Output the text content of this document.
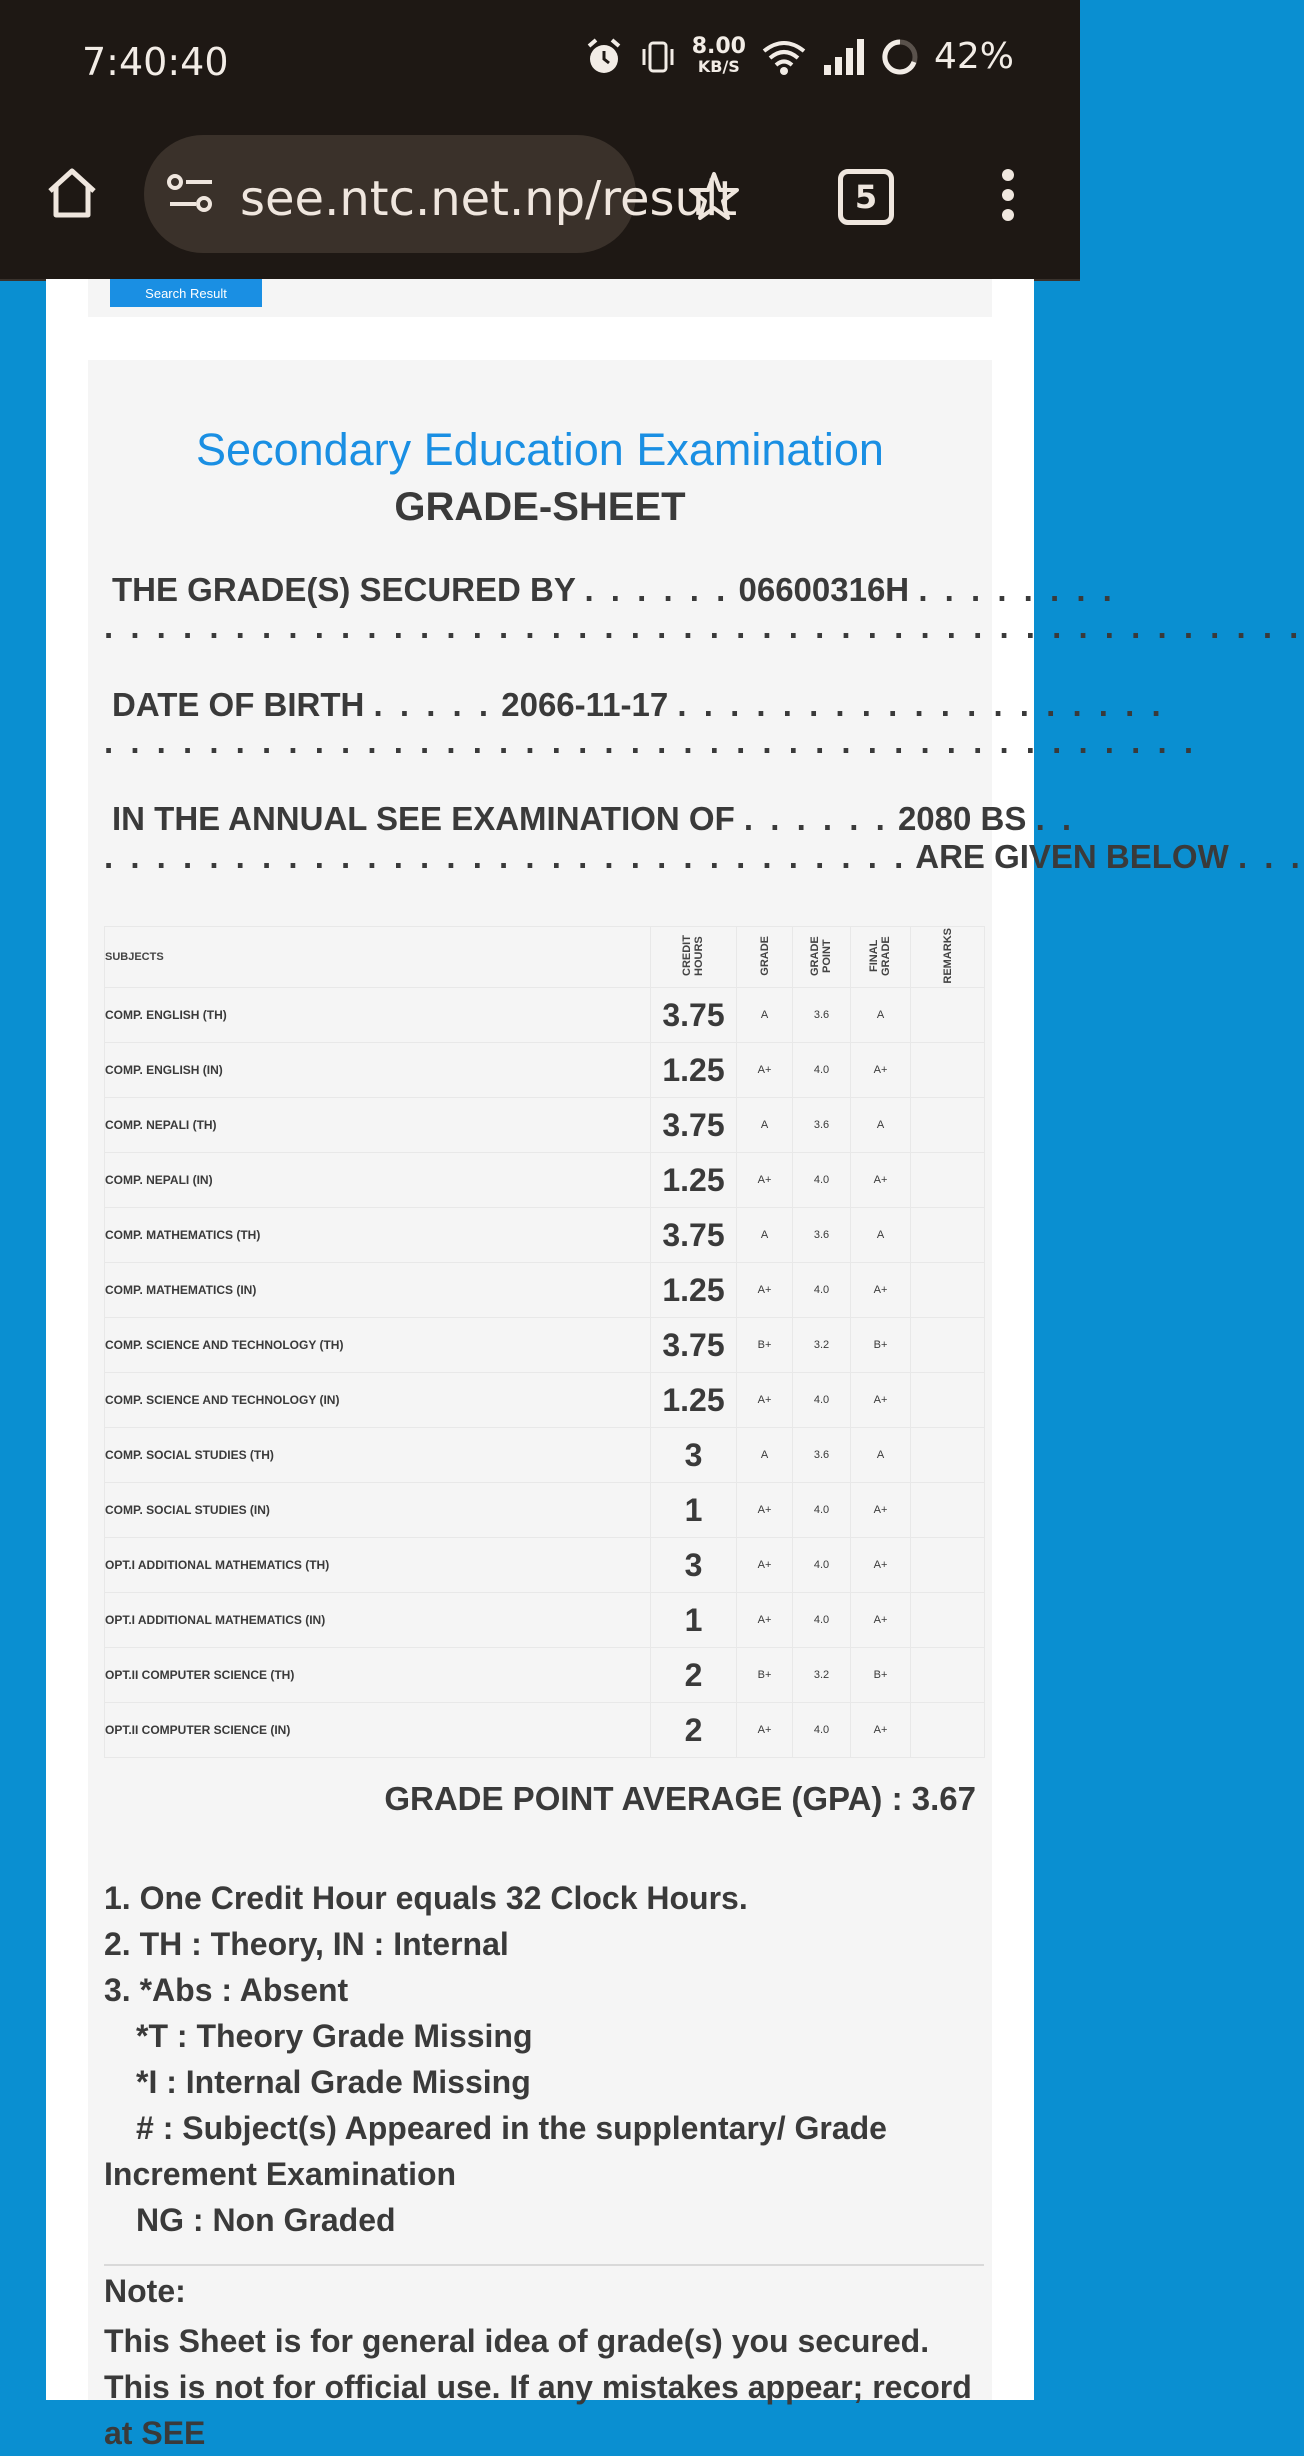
7:40:40	8.00
KB/S	42%
see.ntc.net.np/result	5
Search Result
Secondary Education Examination
GRADE-SHEET
THE GRADE(S) SECURED BY . . . . . . 06600316H . . . . . . . .
. . . . . . . . . . . . . . . . . . . . . . . . . . . . . . . . . . . . . . . . . . . . . .
DATE OF BIRTH . . . . . 2066-11-17 . . . . . . . . . . . . . . . . . . .
. . . . . . . . . . . . . . . . . . . . . . . . . . . . . . . . . . . . . . . . . .
IN THE ANNUAL SEE EXAMINATION OF . . . . . . 2080 BS . .
. . . . . . . . . . . . . . . . . . . . . . . . . . . . . . . ARE GIVEN BELOW . . .
SUBJECTS	CREDIT HOURS	GRADE	GRADE POINT	FINAL GRADE	REMARKS
COMP. ENGLISH (TH)	3.75	A	3.6	A	
COMP. ENGLISH (IN)	1.25	A+	4.0	A+	
COMP. NEPALI (TH)	3.75	A	3.6	A	
COMP. NEPALI (IN)	1.25	A+	4.0	A+	
COMP. MATHEMATICS (TH)	3.75	A	3.6	A	
COMP. MATHEMATICS (IN)	1.25	A+	4.0	A+	
COMP. SCIENCE AND TECHNOLOGY (TH)	3.75	B+	3.2	B+	
COMP. SCIENCE AND TECHNOLOGY (IN)	1.25	A+	4.0	A+	
COMP. SOCIAL STUDIES (TH)	3	A	3.6	A	
COMP. SOCIAL STUDIES (IN)	1	A+	4.0	A+	
OPT.I ADDITIONAL MATHEMATICS (TH)	3	A+	4.0	A+	
OPT.I ADDITIONAL MATHEMATICS (IN)	1	A+	4.0	A+	
OPT.II COMPUTER SCIENCE (TH)	2	B+	3.2	B+	
OPT.II COMPUTER SCIENCE (IN)	2	A+	4.0	A+	
GRADE POINT AVERAGE (GPA) : 3.67
1. One Credit Hour equals 32 Clock Hours.
2. TH : Theory, IN : Internal
3. *Abs : Absent
*T : Theory Grade Missing
*I : Internal Grade Missing
# : Subject(s) Appeared in the supplentary/ Grade
Increment Examination
NG : Non Graded
Note:
This Sheet is for general idea of grade(s) you secured. This is not for official use. If any mistakes appear; record at SEE
